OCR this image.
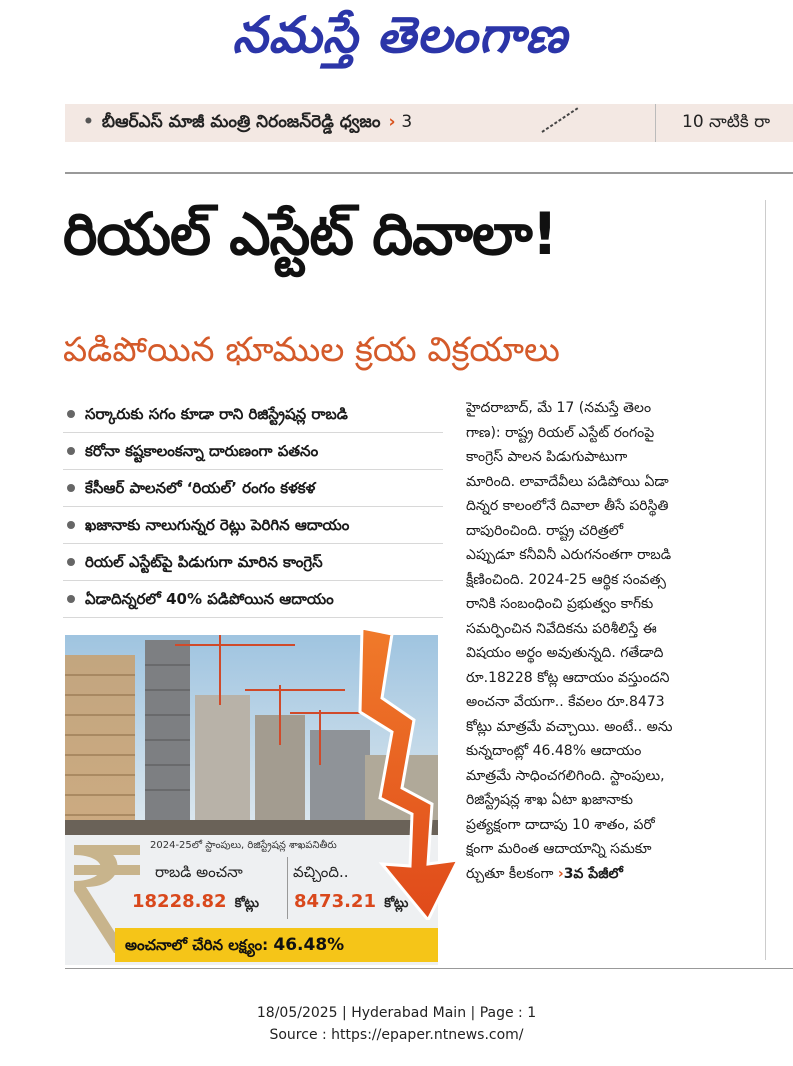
నమస్తే తెలంగాణ
• బీఆర్ఎస్ మాజీ మంత్రి నిరంజన్‌రెడ్డి ధ్వజం › 3	10 నాటికి రా
రియల్ ఎస్టేట్ దివాలా!
పడిపోయిన భూముల క్రయ విక్రయాలు
సర్కారుకు సగం కూడా రాని రిజిస్ట్రేషన్ల రాబడి
కరోనా కష్టకాలంకన్నా దారుణంగా పతనం
కేసీఆర్ పాలనలో ‘రియల్’ రంగం కళకళ
ఖజానాకు నాలుగున్నర రెట్లు పెరిగిన ఆదాయం
రియల్ ఎస్టేట్‌పై పిడుగుగా మారిన కాంగ్రెస్
ఏడాదిన్నరలో 40% పడిపోయిన ఆదాయం
2024-25లో స్టాంపులు, రిజిస్ట్రేషన్ల శాఖపనితీరు
రాబడి అంచనా
18228.82 కోట్లు
వచ్చింది..
8473.21 కోట్లు
అంచనాలో చేరిన లక్ష్యం: 46.48%
హైదరాబాద్, మే 17 (నమస్తే తెలం
గాణ): రాష్ట్ర రియల్ ఎస్టేట్ రంగంపై
కాంగ్రెస్ పాలన పిడుగుపాటుగా
మారింది. లావాదేవీలు పడిపోయి ఏడా
దిన్నర కాలంలోనే దివాలా తీసే పరిస్థితి
దాపురించింది. రాష్ట్ర చరిత్రలో
ఎప్పుడూ కనీవినీ ఎరుగనంతగా రాబడి
క్షీణించింది. 2024-25 ఆర్థిక సంవత్స
రానికి సంబంధించి ప్రభుత్వం కాగ్‌కు
సమర్పించిన నివేదికను పరిశీలిస్తే ఈ
విషయం అర్థం అవుతున్నది. గతేడాది
రూ.18228 కోట్ల ఆదాయం వస్తుందని
అంచనా వేయగా.. కేవలం రూ.8473
కోట్లు మాత్రమే వచ్చాయి. అంటే.. అను
కున్నదాంట్లో 46.48% ఆదాయం
మాత్రమే సాధించగలిగింది. స్టాంపులు,
రిజిస్ట్రేషన్ల శాఖ ఏటా ఖజానాకు
ప్రత్యక్షంగా దాదాపు 10 శాతం, పరో
క్షంగా మరింత ఆదాయాన్ని సమకూ
ర్చుతూ కీలకంగా ›3వ పేజీలో
18/05/2025 | Hyderabad Main | Page : 1
Source : https://epaper.ntnews.com/
